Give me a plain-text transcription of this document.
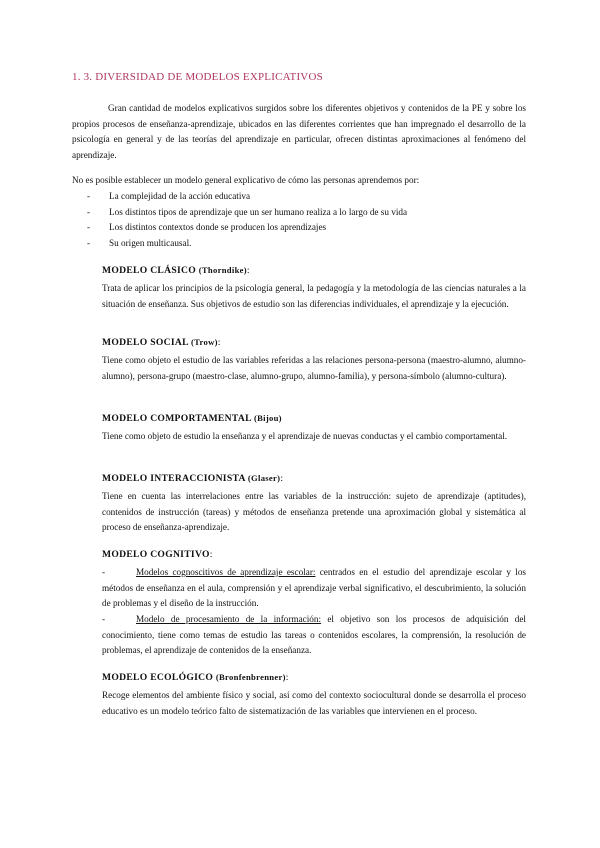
1. 3. DIVERSIDAD DE MODELOS EXPLICATIVOS
Gran cantidad de modelos explicativos surgidos sobre los diferentes objetivos y contenidos de la PE y sobre los propios procesos de enseñanza-aprendizaje, ubicados en las diferentes corrientes que han impregnado el desarrollo de la psicología en general y de las teorías del aprendizaje en particular, ofrecen distintas aproximaciones al fenómeno del aprendizaje.
No es posible establecer un modelo general explicativo de cómo las personas aprendemos por:
- La complejidad de la acción educativa
- Los distintos tipos de aprendizaje que un ser humano realiza a lo largo de su vida
- Los distintos contextos donde se producen los aprendizajes
- Su origen multicausal.
MODELO CLÁSICO (Thorndike):
Trata de aplicar los principios de la psicología general, la pedagogía y la metodología de las ciencias naturales a la situación de enseñanza. Sus objetivos de estudio son las diferencias individuales, el aprendizaje y la ejecución.
MODELO SOCIAL (Trow):
Tiene como objeto el estudio de las variables referidas a las relaciones persona-persona (maestro-alumno, alumno-alumno), persona-grupo (maestro-clase, alumno-grupo, alumno-familia), y persona-símbolo (alumno-cultura).
MODELO COMPORTAMENTAL (Bijou)
Tiene como objeto de estudio la enseñanza y el aprendizaje de nuevas conductas y el cambio comportamental.
MODELO INTERACCIONISTA (Glaser):
Tiene en cuenta las interrelaciones entre las variables de la instrucción: sujeto de aprendizaje (aptitudes), contenidos de instrucción (tareas) y métodos de enseñanza pretende una aproximación global y sistemática al proceso de enseñanza-aprendizaje.
MODELO COGNITIVO:
-	Modelos cognoscitivos de aprendizaje escolar: centrados en el estudio del aprendizaje escolar y los métodos de enseñanza en el aula, comprensión y el aprendizaje verbal significativo, el descubrimiento, la solución de problemas y el diseño de la instrucción.
-	Modelo de procesamiento de la información: el objetivo son los procesos de adquisición del conocimiento, tiene como temas de estudio las tareas o contenidos escolares, la comprensión, la resolución de problemas, el aprendizaje de contenidos de la enseñanza.
MODELO ECOLÓGICO (Bronfenbrenner):
Recoge elementos del ambiente físico y social, así como del contexto sociocultural donde se desarrolla el proceso educativo es un modelo teórico falto de sistematización de las variables que intervienen en el proceso.
